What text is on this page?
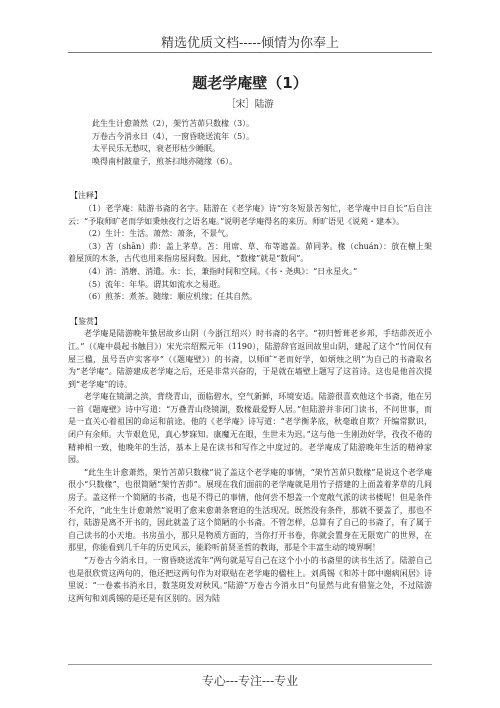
精选优质文档-----倾情为你奉上
题老学庵壁（1）
［宋］陆游

此生生计愈萧然（2），架竹苫茆只数椽（3）。

万卷古今消永日（4），一窗昏晓送流年（5）。

太平民乐无愁叹，衰老形枯少睡眠。

唤得南村跛童子，煎茶扫地亦随缘（6）。

【注释】

（1）老学庵：陆游书斋的名字。陆游在《老学庵》诗“穷冬短景苦匆忙，老学庵中日自长”后自注云：“予取师旷老而学如秉烛夜行之语名庵。”说明老学庵得名的来历。师旷语见《说苑・建本》。

（2）生计：生活。萧然：萧条，不景气。

（3）苫（shān）茆：盖上茅草。苫：用席、草、布等遮盖。茆同茅。椽（chuán）：放在檩上架着屋顶的木条，古代也用来指房屋间数。因此，“数椽”就是“数间”。

（4）消：消磨、消遣。永：长，兼指时间和空间。《书・尧典》：“日永星火。”

（5）流年：年华。谓其如流水之易逝。

（6）煎茶：煮茶。随缘：顺应机缘；任其自然。

【鉴赏】

老学庵是陆游晚年蛰居故乡山阴（今浙江绍兴）时书斋的名字。“初归暂葺老乡邦，手结茆茨近小江。”（《庵中晨起书触目》）宋光宗绍熙元年（1190），陆游辞官返回故里山阴，建起了这个“竹间仅有屋三楹，虽号吾庐实客亭”（《题庵壁》）的书斋，以师旷“老而好学，如炳烛之明”为自己的书斋取名为“老学庵”。陆游建成老学庵之后，还是非常兴奋的，于是就在墙壁上题写了这首诗。这也是他首次提到“老学庵”的诗。

老学庵在镜湖之滨，背绕青山，面临碧水，空气新鲜，环境安适。陆游很喜欢他这个书斋，他在另一首《题庵壁》诗中写道：“万叠青山绕镜湖，数椽最爱野人居。”但陆游并非闭门读书，不问世事，而是一直关心着祖国的命运和前途。他的《老学庵》诗写道：“老学衡茅底，秋毫敢自欺？开编常默识，闭户有余师。大节艰危见，真心梦寐知。康魔无在眼，生世未为迟。”这与他一生刚劲好学，孜孜不倦的精神相一致，他晚年的生活，基本上是在读书和写作之中度过的。老学庵成了陆游晚年生活的精神家园。

“此生生计愈萧然，架竹苫茆只数椽”说了盖这个老学庵的事情，“架竹苫茆只数椽”是说这个老学庵很小“只数椽”，也很简陋“架竹苦茆”。展现在我们面前的老学庵就是用竹子搭建的上面盖着茅草的几间房子。盖这样一个简陋的书斋，也是不得已的事情，他何尝不想盖一个宽敞气派的读书楼呢！但是条件不允许，“此生生计愈萧然”说明了愈来愈萧条窘迫的生活现况。既然没有条件，那就不要盖了，那也不行，陆游是离不开书的，因此就盖了这个简陋的小书斋。不管怎样，总算有了自己的书斋了，有了属于自己读书的小天地。书房虽小，那只是物质方面的，当你打开书卷，你就会置身在无限宽广的世界，在那里，你能看到几千年的历史风云，能聆听前贤圣哲的教诲，那是个丰富生动的境界啊！

“万卷古今消永日，一窗昏晓送流年”两句就是写自己在这个小小的书斋里的读书生活了。陆游自己也是很欣赏这两句的，他还把这两句作为对联贴在老学庵的楹柱上。刘禹锡《和苏十郎中谢病闲居》诗里说：“一卷素书消永日，数茎斑发对秋风。”陆游“万卷古今消永日”句显然与此有借鉴之处，不过陆游这两句和刘禹锡的是还是有区别的。因为陆

专心---专注---专业
